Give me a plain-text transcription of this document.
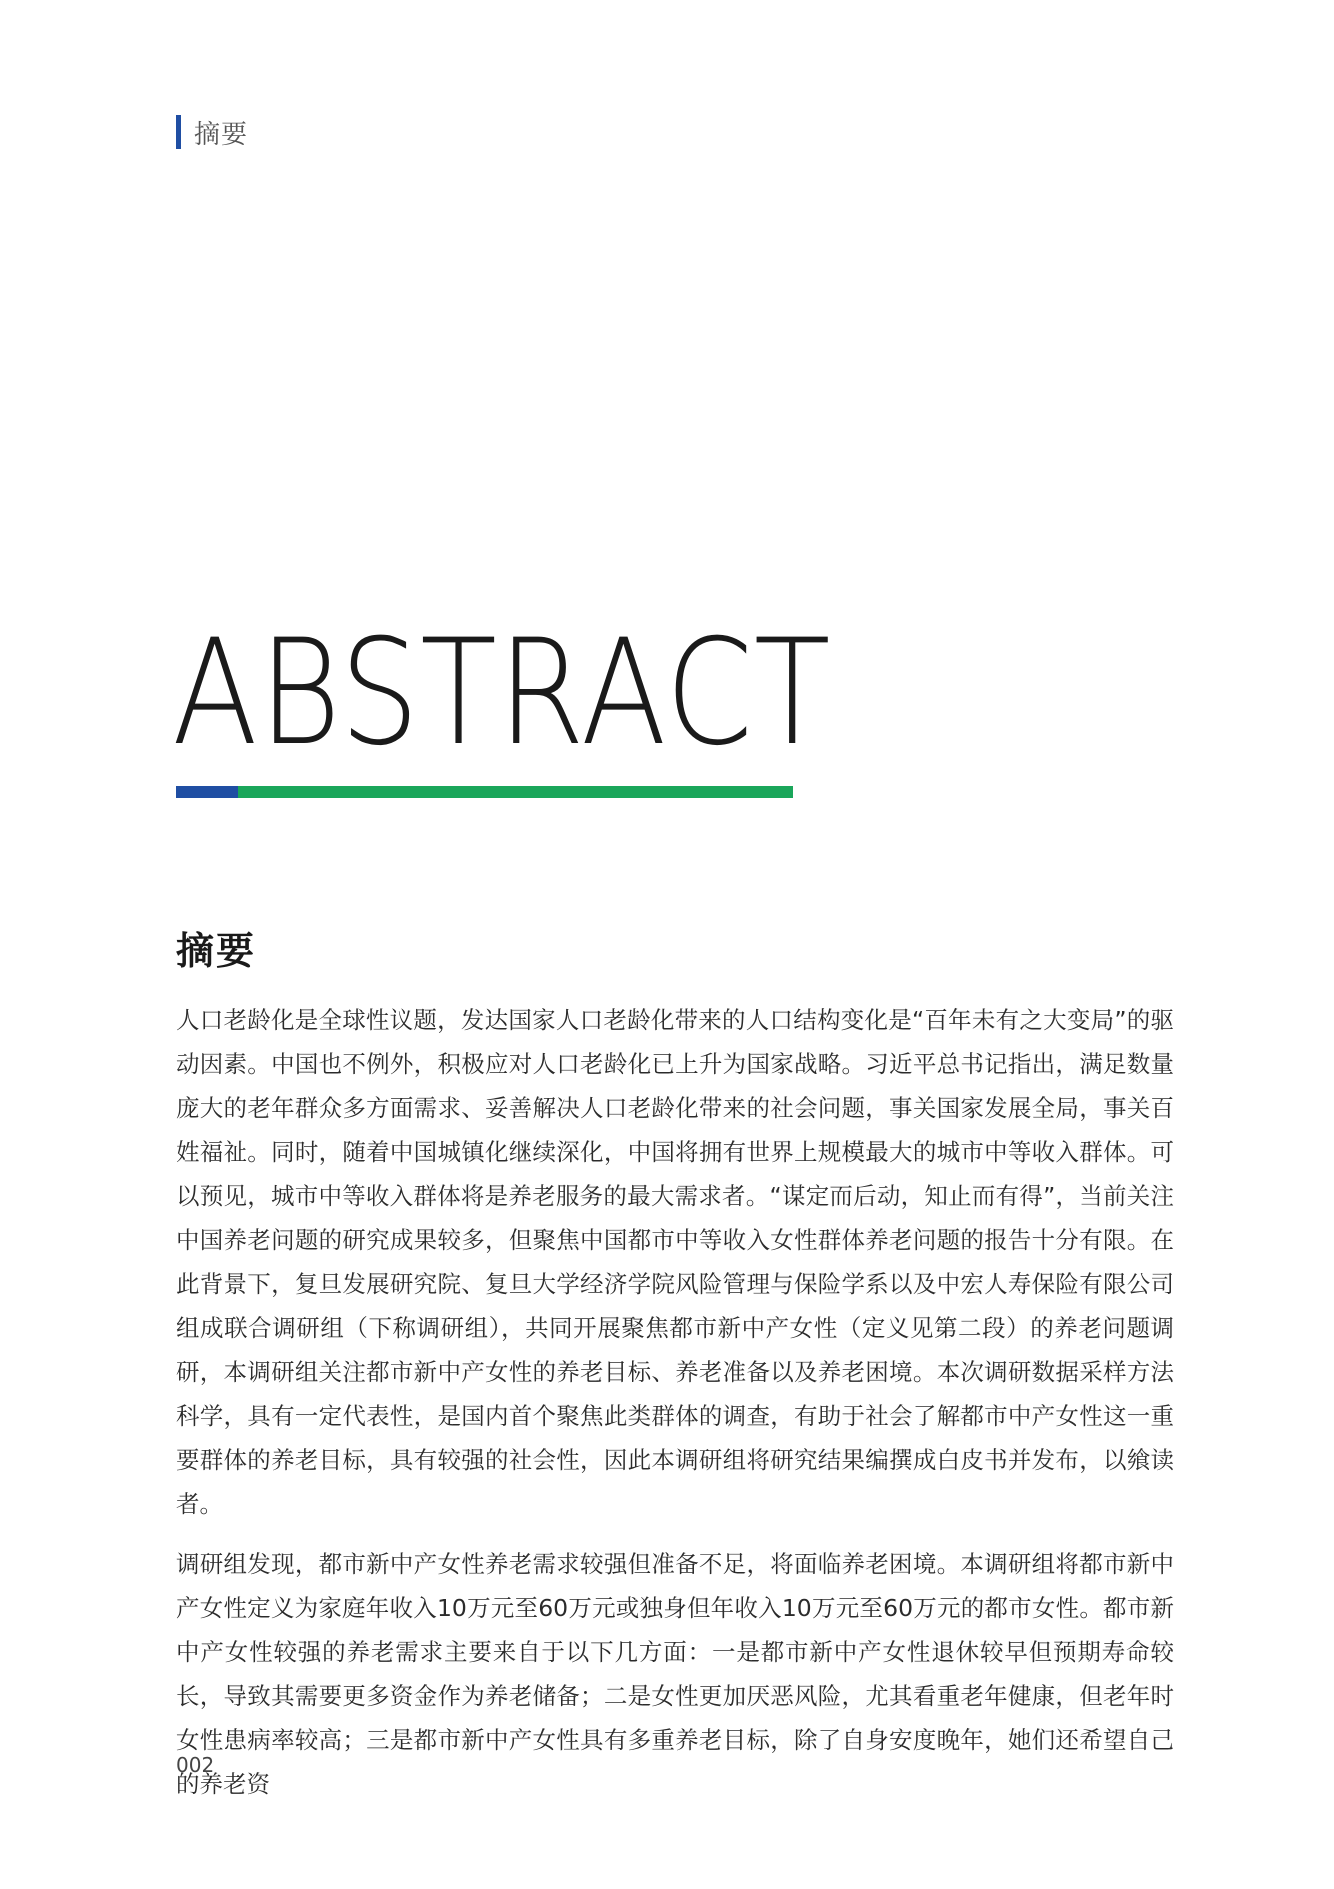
摘要
ABSTRACT
摘要

人口老龄化是全球性议题，发达国家人口老龄化带来的人口结构变化是“百年未有之大变局”的驱动因素。中国也不例外，积极应对人口老龄化已上升为国家战略。习近平总书记指出，满足数量庞大的老年群众多方面需求、妥善解决人口老龄化带来的社会问题，事关国家发展全局，事关百姓福祉。同时，随着中国城镇化继续深化，中国将拥有世界上规模最大的城市中等收入群体。可以预见，城市中等收入群体将是养老服务的最大需求者。“谋定而后动，知止而有得”，当前关注中国养老问题的研究成果较多，但聚焦中国都市中等收入女性群体养老问题的报告十分有限。在此背景下，复旦发展研究院、复旦大学经济学院风险管理与保险学系以及中宏人寿保险有限公司组成联合调研组（下称调研组），共同开展聚焦都市新中产女性（定义见第二段）的养老问题调研，本调研组关注都市新中产女性的养老目标、养老准备以及养老困境。本次调研数据采样方法科学，具有一定代表性，是国内首个聚焦此类群体的调查，有助于社会了解都市中产女性这一重要群体的养老目标，具有较强的社会性，因此本调研组将研究结果编撰成白皮书并发布，以飨读者。

调研组发现，都市新中产女性养老需求较强但准备不足，将面临养老困境。本调研组将都市新中产女性定义为家庭年收入10万元至60万元或独身但年收入10万元至60万元的都市女性。都市新中产女性较强的养老需求主要来自于以下几方面：一是都市新中产女性退休较早但预期寿命较长，导致其需要更多资金作为养老储备；二是女性更加厌恶风险，尤其看重老年健康，但老年时女性患病率较高；三是都市新中产女性具有多重养老目标，除了自身安度晚年，她们还希望自己的养老资

002
